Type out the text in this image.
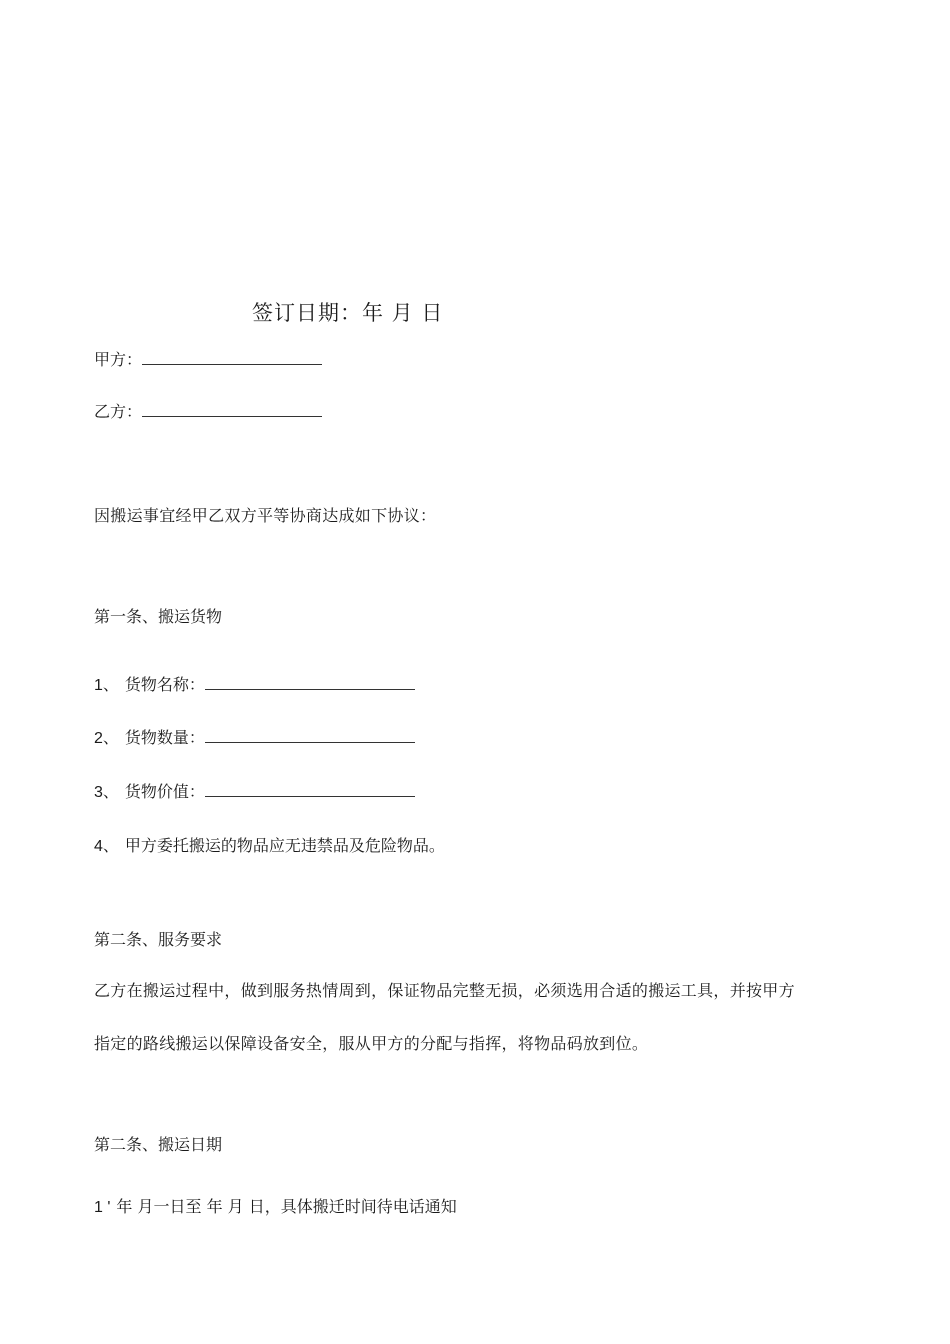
签订日期：年 月 日
甲方：
乙方：
因搬运事宜经甲乙双方平等协商达成如下协议：
第一条、搬运货物
1、 货物名称：
2、 货物数量：
3、 货物价值：
4、 甲方委托搬运的物品应无违禁品及危险物品。
第二条、服务要求
乙方在搬运过程中，做到服务热情周到，保证物品完整无损，必须选用合适的搬运工具，并按甲方
指定的路线搬运以保障设备安全，服从甲方的分配与指挥，将物品码放到位。
第二条、搬运日期
1 ' 年 月一日至 年 月 日，具体搬迁时间待电话通知
